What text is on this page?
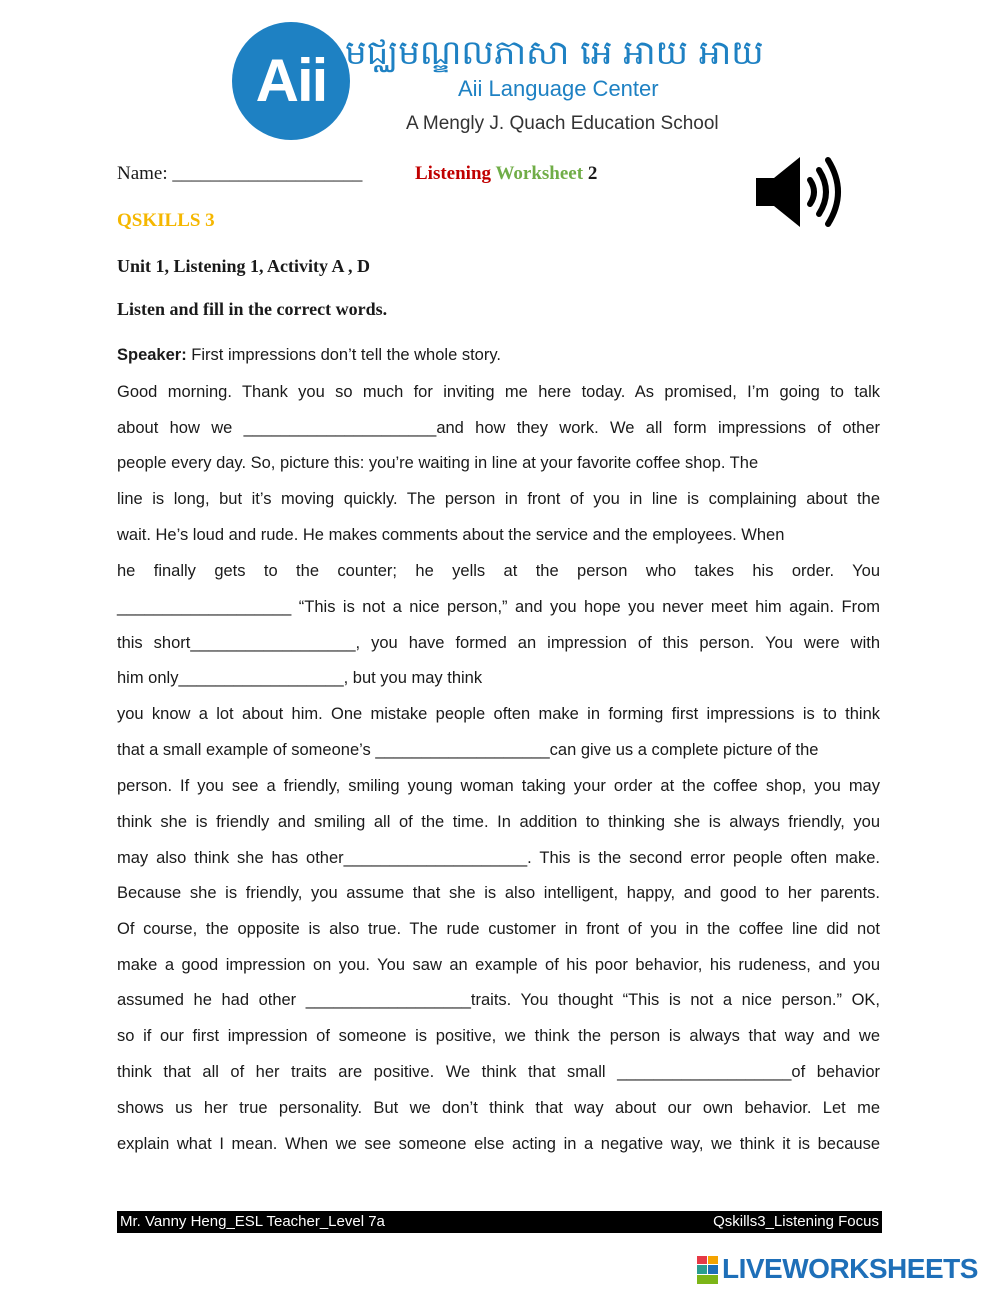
Aii មជ្ឈមណ្ឌលភាសា អេ អាយ អាយ
Aii Language Center
A Mengly J. Quach Education School
Name: ____________________	Listening Worksheet 2
QSKILLS 3
Unit 1, Listening 1, Activity A , D
Listen and fill in the correct words.
Speaker: First impressions don’t tell the whole story.
Good morning. Thank you so much for inviting me here today. As promised, I’m going to talk
about how we _____________________and how they work. We all form impressions of other
people every day. So, picture this: you’re waiting in line at your favorite coffee shop. The
line is long, but it’s moving quickly. The person in front of you in line is complaining about the
wait. He’s loud and rude. He makes comments about the service and the employees. When
he finally gets to the counter; he yells at the person who takes his order. You
___________________ “This is not a nice person,” and you hope you never meet him again. From
this short__________________, you have formed an impression of this person. You were with
him only__________________, but you may think
you know a lot about him. One mistake people often make in forming first impressions is to think
that a small example of someone’s ___________________can give us a complete picture of the
person. If you see a friendly, smiling young woman taking your order at the coffee shop, you may
think she is friendly and smiling all of the time. In addition to thinking she is always friendly, you
may also think she has other____________________. This is the second error people often make.
Because she is friendly, you assume that she is also intelligent, happy, and good to her parents.
Of course, the opposite is also true. The rude customer in front of you in the coffee line did not
make a good impression on you. You saw an example of his poor behavior, his rudeness, and you
assumed he had other __________________traits. You thought “This is not a nice person.” OK,
so if our first impression of someone is positive, we think the person is always that way and we
think that all of her traits are positive. We think that small ___________________of behavior
shows us her true personality. But we don’t think that way about our own behavior. Let me
explain what I mean. When we see someone else acting in a negative way, we think it is because
Mr. Vanny Heng_ESL Teacher_Level 7a	Qskills3_Listening Focus
LIVEWORKSHEETS
